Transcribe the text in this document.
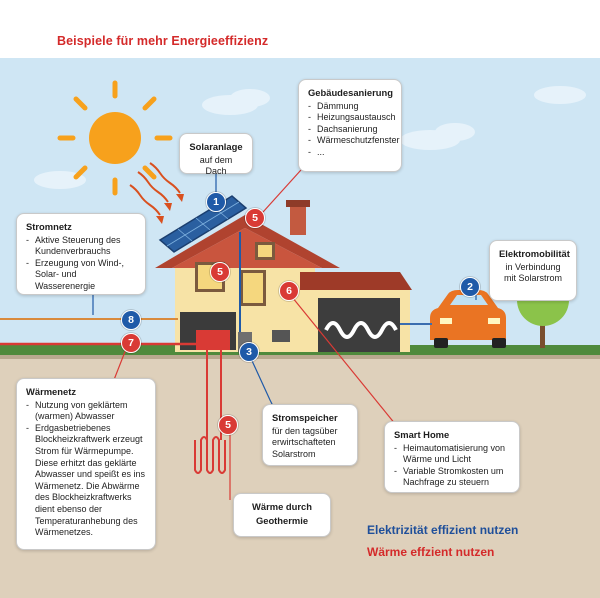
Beispiele für mehr Energieeffizienz
Solaranlage
auf dem Dach
Gebäudesanierung
- Dämmung
- Heizungsaustausch
- Dachsanierung
- Wärmeschutzfenster
- ...
Stromnetz
- Aktive Steuerung des Kundenverbrauchs
- Erzeugung von Wind-, Solar- und Wasserenergie
Elektromobilität
in Verbindung
mit Solarstrom
Wärmenetz
- Nutzung von geklärtem (warmen) Abwasser
- Erdgasbetriebenes Blockheizkraftwerk erzeugt Strom für Wärmepumpe. Diese erhitzt das geklärte Abwasser und speißt es ins Wärmenetz. Die Abwärme des Blockheizkraftwerks dient ebenso der Temperaturanhebung des Wärmenetzes.
Stromspeicher
für den tagsüber
erwirtschafteten
Solarstrom
Smart Home
- Heimautomatisierung von Wärme und Licht
- Variable Stromkosten um Nachfrage zu steuern
Wärme durch
Geothermie
1
5
5
6	2
8
7
3
5
Elektrizität effizient nutzen
Wärme effzient nutzen
